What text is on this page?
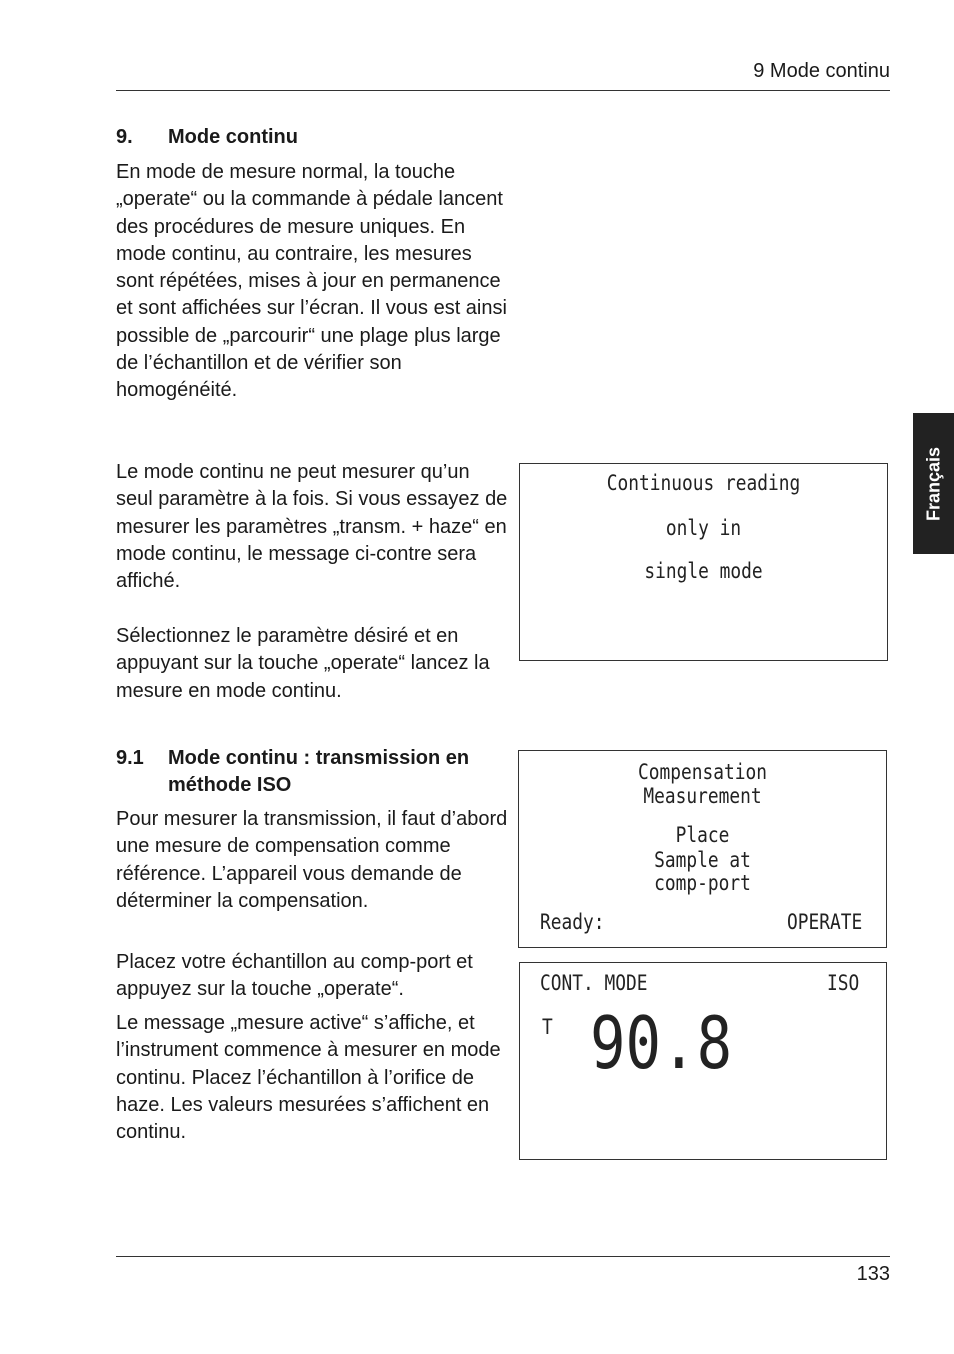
9 Mode continu
Français
9. Mode continu

En mode de mesure normal, la touche „operate“ ou la commande à pédale lancent des procédures de mesure uniques. En mode continu, au contraire, les mesures sont répétées, mises à jour en permanence et sont affichées sur l’écran. Il vous est ainsi possible de „parcourir“ une plage plus large de l’échantillon et de vérifier son homogénéité.

Le mode continu ne peut mesurer qu’un seul paramètre à la fois. Si vous essayez de mesurer les paramètres „transm. + haze“ en mode continu, le message ci-contre sera affiché.

Sélectionnez le paramètre désiré et en appuyant sur la touche „operate“ lancez la mesure en mode continu.

9.1 Mode continu : transmission en méthode ISO

Pour mesurer la transmission, il faut d’abord une mesure de compensation comme référence. L’appareil vous demande de déterminer la compensation.

Placez votre échantillon au comp-port et appuyez sur la touche „operate“.

Le message „mesure active“ s’affiche, et l’instrument commence à mesurer en mode continu. Placez l’échantillon à l’orifice de haze. Les valeurs mesurées s’affichent en continu.

Continuous reading
only in
single mode
Compensation
Measurement
Place
Sample at
comp-port
Ready:	OPERATE
CONT. MODE	ISO
T 90.8
133
